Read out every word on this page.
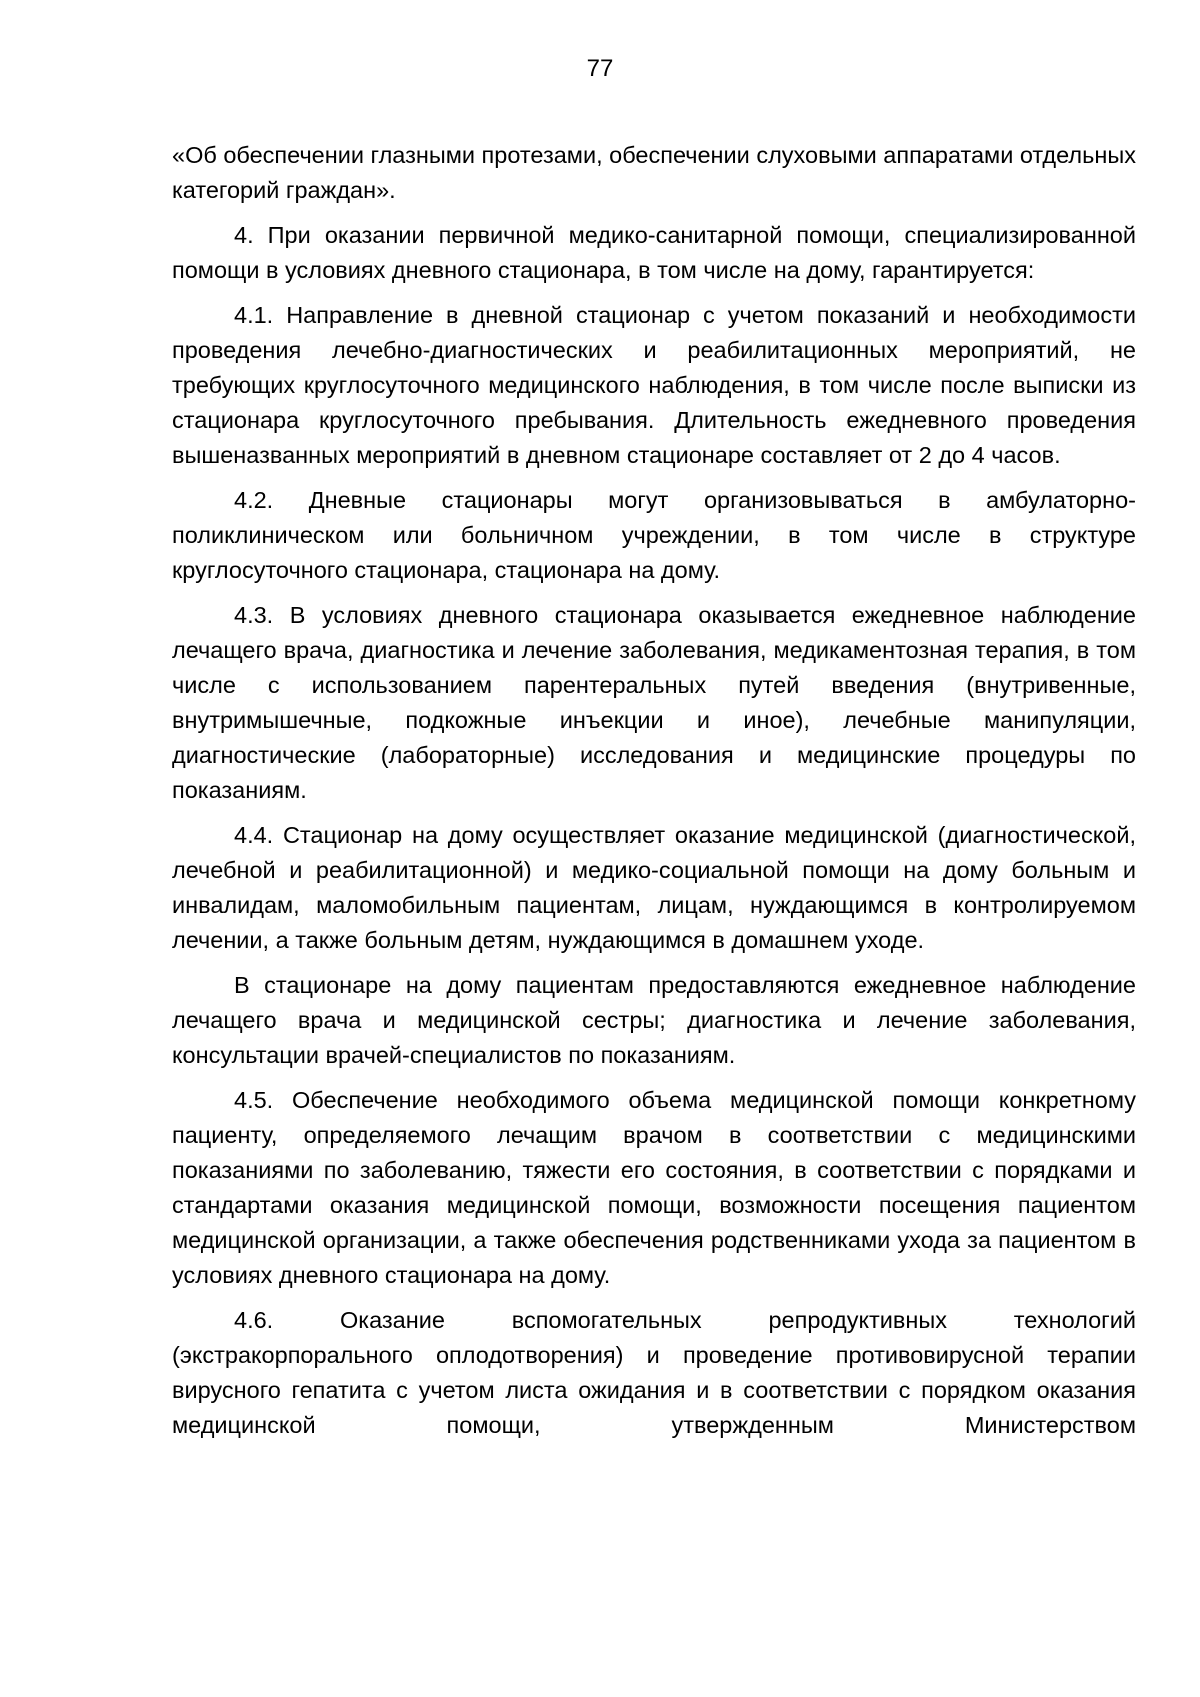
77

«Об обеспечении глазными протезами, обеспечении слуховыми аппаратами отдельных категорий граждан».

4. При оказании первичной медико-санитарной помощи, специализированной помощи в условиях дневного стационара, в том числе на дому, гарантируется:

4.1. Направление в дневной стационар с учетом показаний и необходимости проведения лечебно-диагностических и реабилитационных мероприятий, не требующих круглосуточного медицинского наблюдения, в том числе после выписки из стационара круглосуточного пребывания. Длительность ежедневного проведения вышеназванных мероприятий в дневном стационаре составляет от 2 до 4 часов.

4.2. Дневные стационары могут организовываться в амбулаторно-поликлиническом или больничном учреждении, в том числе в структуре круглосуточного стационара, стационара на дому.

4.3. В условиях дневного стационара оказывается ежедневное наблюдение лечащего врача, диагностика и лечение заболевания, медикаментозная терапия, в том числе с использованием парентеральных путей введения (внутривенные, внутримышечные, подкожные инъекции и иное), лечебные манипуляции, диагностические (лабораторные) исследования и медицинские процедуры по показаниям.

4.4. Стационар на дому осуществляет оказание медицинской (диагностической, лечебной и реабилитационной) и медико-социальной помощи на дому больным и инвалидам, маломобильным пациентам, лицам, нуждающимся в контролируемом лечении, а также больным детям, нуждающимся в домашнем уходе.

В стационаре на дому пациентам предоставляются ежедневное наблюдение лечащего врача и медицинской сестры; диагностика и лечение заболевания, консультации врачей-специалистов по показаниям.

4.5. Обеспечение необходимого объема медицинской помощи конкретному пациенту, определяемого лечащим врачом в соответствии с медицинскими показаниями по заболеванию, тяжести его состояния, в соответствии с порядками и стандартами оказания медицинской помощи, возможности посещения пациентом медицинской организации, а также обеспечения родственниками ухода за пациентом в условиях дневного стационара на дому.

4.6. Оказание вспомогательных репродуктивных технологий (экстракорпорального оплодотворения) и проведение противовирусной терапии вирусного гепатита с учетом листа ожидания и в соответствии с порядком оказания медицинской помощи, утвержденным Министерством
